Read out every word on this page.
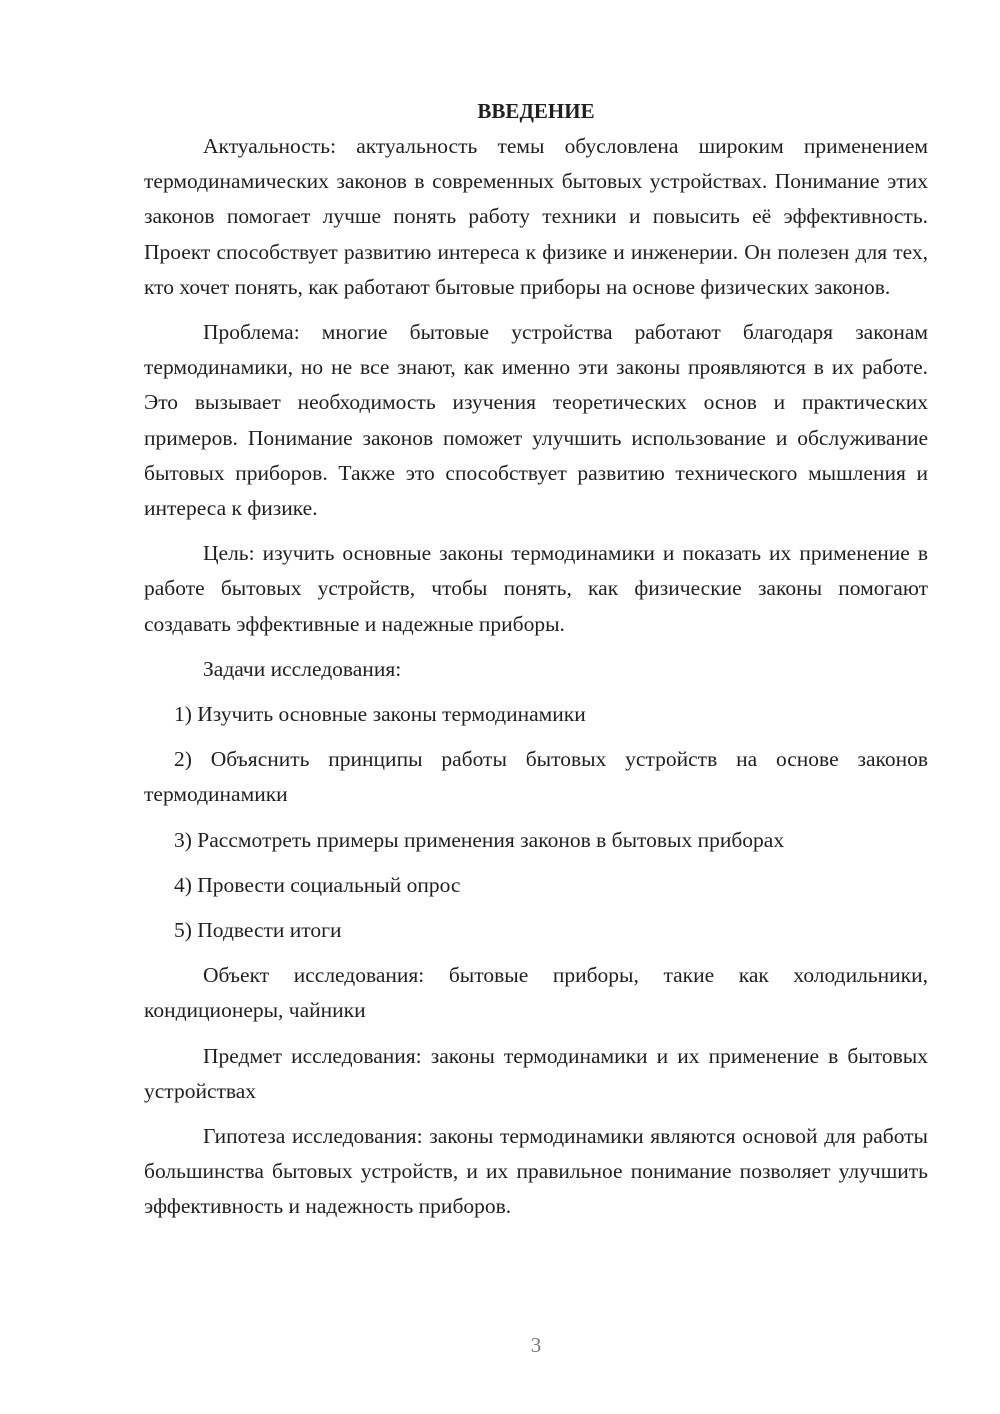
ВВЕДЕНИЕ

Актуальность: актуальность темы обусловлена широким применением термодинамических законов в современных бытовых устройствах. Понимание этих законов помогает лучше понять работу техники и повысить её эффективность. Проект способствует развитию интереса к физике и инженерии. Он полезен для тех, кто хочет понять, как работают бытовые приборы на основе физических законов.

Проблема: многие бытовые устройства работают благодаря законам термодинамики, но не все знают, как именно эти законы проявляются в их работе. Это вызывает необходимость изучения теоретических основ и практических примеров. Понимание законов поможет улучшить использование и обслуживание бытовых приборов. Также это способствует развитию технического мышления и интереса к физике.

Цель: изучить основные законы термодинамики и показать их применение в работе бытовых устройств, чтобы понять, как физические законы помогают создавать эффективные и надежные приборы.

Задачи исследования:

1) Изучить основные законы термодинамики

2) Объяснить принципы работы бытовых устройств на основе законов термодинамики

3) Рассмотреть примеры применения законов в бытовых приборах

4) Провести социальный опрос

5) Подвести итоги

Объект исследования: бытовые приборы, такие как холодильники, кондиционеры, чайники

Предмет исследования: законы термодинамики и их применение в бытовых устройствах

Гипотеза исследования: законы термодинамики являются основой для работы большинства бытовых устройств, и их правильное понимание позволяет улучшить эффективность и надежность приборов.

3
